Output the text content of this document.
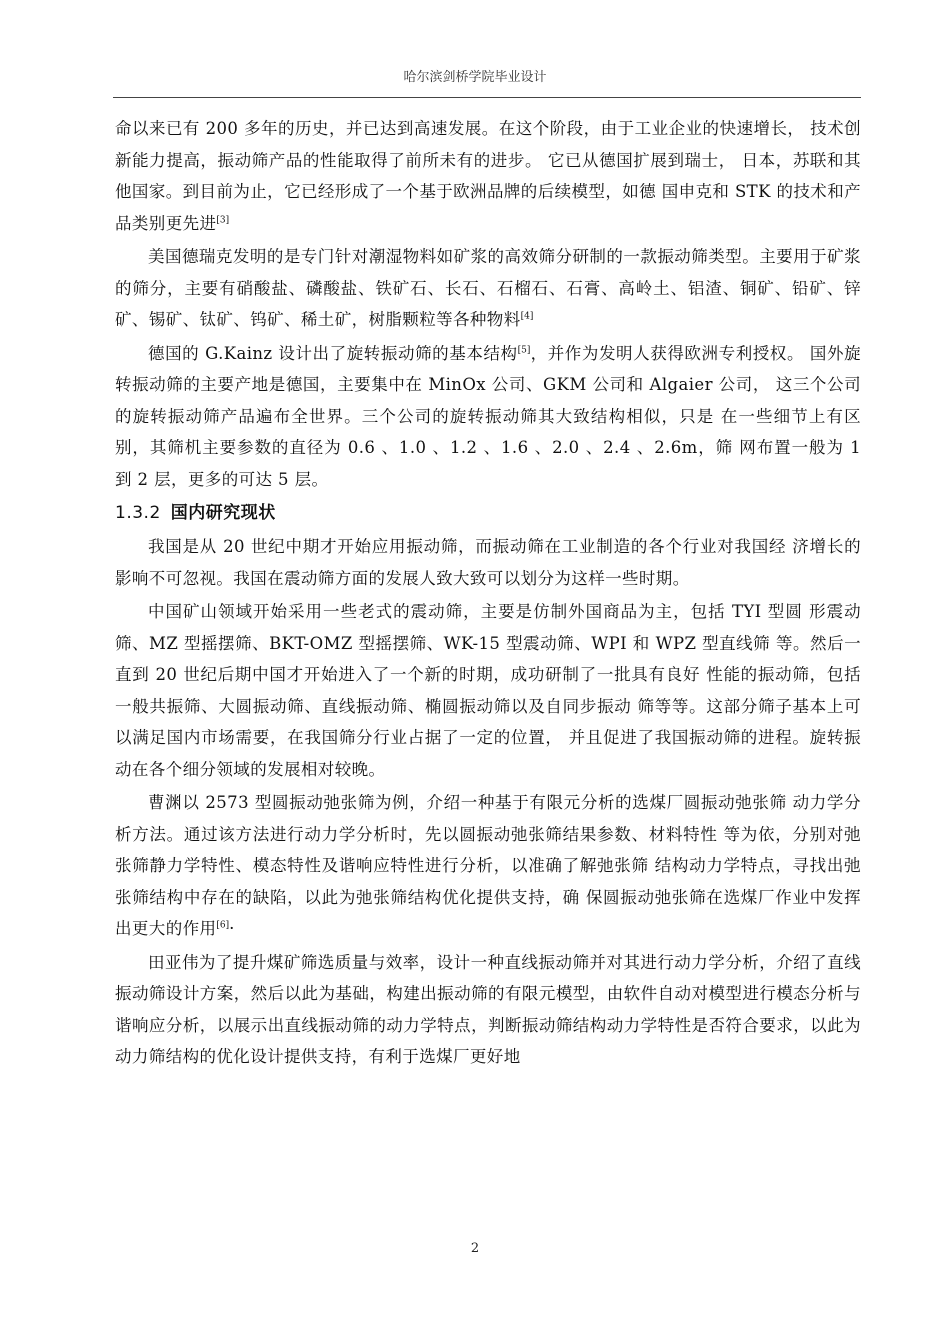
哈尔滨剑桥学院毕业设计

命以来已有 200 多年的历史，并已达到高速发展。在这个阶段，由于工业企业的快速增长， 技术创新能力提高，振动筛产品的性能取得了前所未有的进步。 它已从德国扩展到瑞士， 日本，苏联和其他国家。到目前为止，它已经形成了一个基于欧洲品牌的后续模型，如德 国申克和 STK 的技术和产品类别更先进[3]

美国德瑞克发明的是专门针对潮湿物料如矿浆的高效筛分研制的一款振动筛类型。主要用于矿浆的筛分，主要有硝酸盐、磷酸盐、铁矿石、长石、石榴石、石膏、高岭土、铝渣、铜矿、铅矿、锌矿、锡矿、钛矿、钨矿、稀土矿，树脂颗粒等各种物料[4]

德国的 G.Kainz 设计出了旋转振动筛的基本结构[5]，并作为发明人获得欧洲专利授权。 国外旋转振动筛的主要产地是德国，主要集中在 MinOx 公司、GKM 公司和 Algaier 公司， 这三个公司的旋转振动筛产品遍布全世界。三个公司的旋转振动筛其大致结构相似，只是 在一些细节上有区别，其筛机主要参数的直径为 0.6 、1.0 、1.2 、1.6 、2.0 、2.4 、2.6m，筛 网布置一般为 1 到 2 层，更多的可达 5 层。

1.3.2 国内研究现状

我国是从 20 世纪中期才开始应用振动筛，而振动筛在工业制造的各个行业对我国经 济增长的影响不可忽视。我国在震动筛方面的发展人致大致可以划分为这样一些时期。

中国矿山领域开始采用一些老式的震动筛，主要是仿制外国商品为主，包括 TYI 型圆 形震动筛、MZ 型摇摆筛、BKT-OMZ 型摇摆筛、WK-15 型震动筛、WPI 和 WPZ 型直线筛 等。然后一直到 20 世纪后期中国才开始进入了一个新的时期，成功研制了一批具有良好 性能的振动筛，包括一般共振筛、大圆振动筛、直线振动筛、椭圆振动筛以及自同步振动 筛等等。这部分筛子基本上可以满足国内市场需要，在我国筛分行业占据了一定的位置， 并且促进了我国振动筛的进程。旋转振动在各个细分领域的发展相对较晚。

曹渊以 2573 型圆振动弛张筛为例，介绍一种基于有限元分析的选煤厂圆振动弛张筛 动力学分析方法。通过该方法进行动力学分析时，先以圆振动弛张筛结果参数、材料特性 等为依，分别对弛张筛静力学特性、模态特性及谐响应特性进行分析，以准确了解弛张筛 结构动力学特点，寻找出弛张筛结构中存在的缺陷，以此为弛张筛结构优化提供支持，确 保圆振动弛张筛在选煤厂作业中发挥出更大的作用[6]·

田亚伟为了提升煤矿筛选质量与效率，设计一种直线振动筛并对其进行动力学分析，介绍了直线振动筛设计方案，然后以此为基础，构建出振动筛的有限元模型，由软件自动对模型进行模态分析与谐响应分析，以展示出直线振动筛的动力学特点，判断振动筛结构动力学特性是否符合要求，以此为动力筛结构的优化设计提供支持，有利于选煤厂更好地

2
